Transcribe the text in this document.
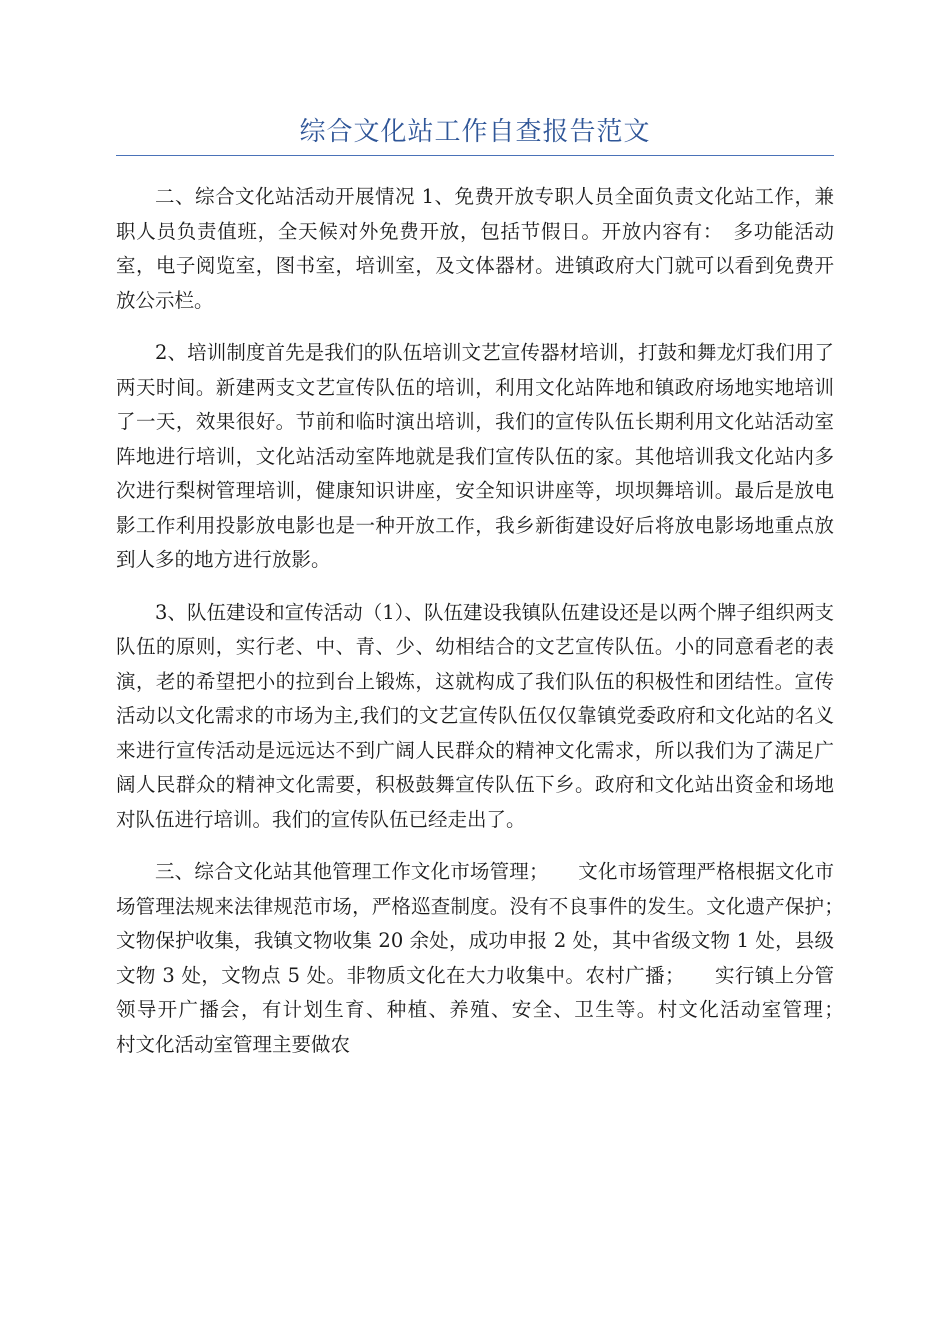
综合文化站工作自查报告范文

二、综合文化站活动开展情况 1、免费开放专职人员全面负责文化站工作，兼职人员负责值班，全天候对外免费开放，包括节假日。开放内容有：　多功能活动室，电子阅览室，图书室，培训室，及文体器材。进镇政府大门就可以看到免费开放公示栏。

2、培训制度首先是我们的队伍培训文艺宣传器材培训，打鼓和舞龙灯我们用了两天时间。新建两支文艺宣传队伍的培训，利用文化站阵地和镇政府场地实地培训了一天，效果很好。节前和临时演出培训，我们的宣传队伍长期利用文化站活动室阵地进行培训，文化站活动室阵地就是我们宣传队伍的家。其他培训我文化站内多次进行梨树管理培训，健康知识讲座，安全知识讲座等，坝坝舞培训。最后是放电影工作利用投影放电影也是一种开放工作，我乡新街建设好后将放电影场地重点放到人多的地方进行放影。

3、队伍建设和宣传活动（1）、队伍建设我镇队伍建设还是以两个牌子组织两支队伍的原则，实行老、中、青、少、幼相结合的文艺宣传队伍。小的同意看老的表演，老的希望把小的拉到台上锻炼，这就构成了我们队伍的积极性和团结性。宣传活动以文化需求的市场为主,我们的文艺宣传队伍仅仅靠镇党委政府和文化站的名义来进行宣传活动是远远达不到广阔人民群众的精神文化需求，所以我们为了满足广阔人民群众的精神文化需要，积极鼓舞宣传队伍下乡。政府和文化站出资金和场地对队伍进行培训。我们的宣传队伍已经走出了。

三、综合文化站其他管理工作文化市场管理；　　文化市场管理严格根据文化市场管理法规来法律规范市场，严格巡查制度。没有不良事件的发生。文化遗产保护；　　文物保护收集，我镇文物收集 20 余处，成功申报 2 处，其中省级文物 1 处，县级文物 3 处，文物点 5 处。非物质文化在大力收集中。农村广播；　　实行镇上分管领导开广播会，有计划生育、种植、养殖、安全、卫生等。村文化活动室管理；　　村文化活动室管理主要做农
